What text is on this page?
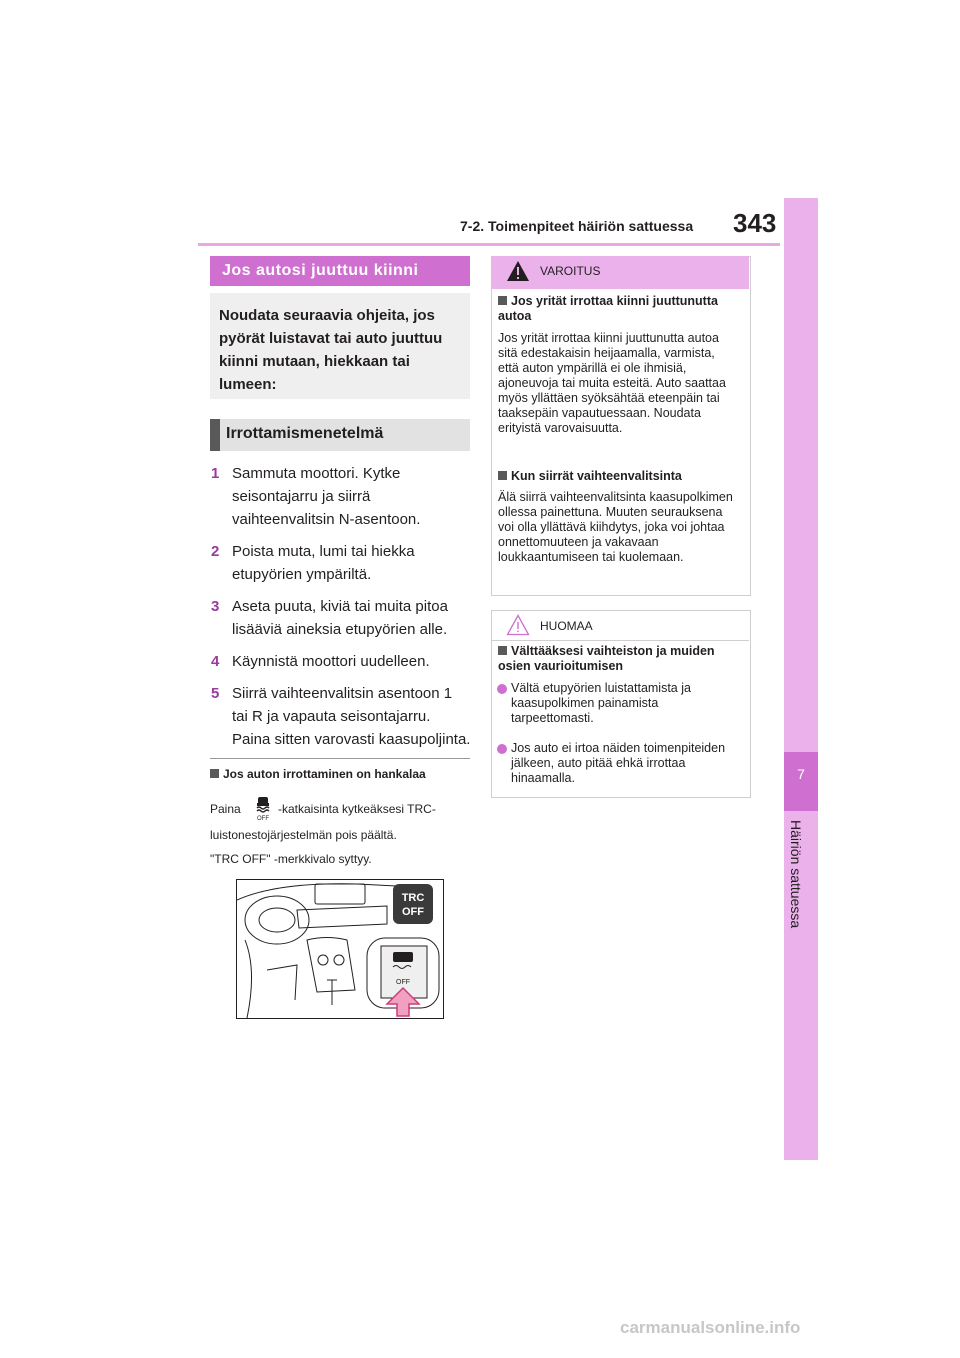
7-2. Toimenpiteet häiriön sattuessa 343
7
Häiriön sattuessa
Jos autosi juuttuu kiinni
Noudata seuraavia ohjeita, jos pyörät luistavat tai auto juuttuu kiinni mutaan, hiekkaan tai lumeen:
Irrottamismenetelmä
1 Sammuta moottori. Kytke seisontajarru ja siirrä vaihteenvalitsin N-asentoon.
2 Poista muta, lumi tai hiekka etupyörien ympäriltä.
3 Aseta puuta, kiviä tai muita pitoa lisääviä aineksia etupyörien alle.
4 Käynnistä moottori uudelleen.
5 Siirrä vaihteenvalitsin asentoon 1 tai R ja vapauta seisontajarru. Paina sitten varovasti kaasupoljinta.
Jos auton irrottaminen on hankalaa
Paina
OFF
-katkaisinta kytkeäksesi TRC-
luistonestojärjestelmän pois päältä.
"TRC OFF" -merkkivalo syttyy.
TRC
OFF
OFF
VAROITUS
Jos yrität irrottaa kiinni juuttunutta autoa
Jos yrität irrottaa kiinni juuttunutta autoa sitä edestakaisin heijaamalla, varmista, että auton ympärillä ei ole ihmisiä, ajoneuvoja tai muita esteitä. Auto saattaa myös yllättäen syöksähtää eteenpäin tai taaksepäin vapautuessaan. Noudata erityistä varovaisuutta.
Kun siirrät vaihteenvalitsinta
Älä siirrä vaihteenvalitsinta kaasupolkimen ollessa painettuna. Muuten seurauksena voi olla yllättävä kiihdytys, joka voi johtaa onnettomuuteen ja vakavaan loukkaantumiseen tai kuolemaan.
HUOMAA
Välttääksesi vaihteiston ja muiden osien vaurioitumisen
Vältä etupyörien luistattamista ja kaasupolkimen painamista tarpeettomasti.
Jos auto ei irtoa näiden toimenpiteiden jälkeen, auto pitää ehkä irrottaa hinaamalla.
carmanualsonline.info
